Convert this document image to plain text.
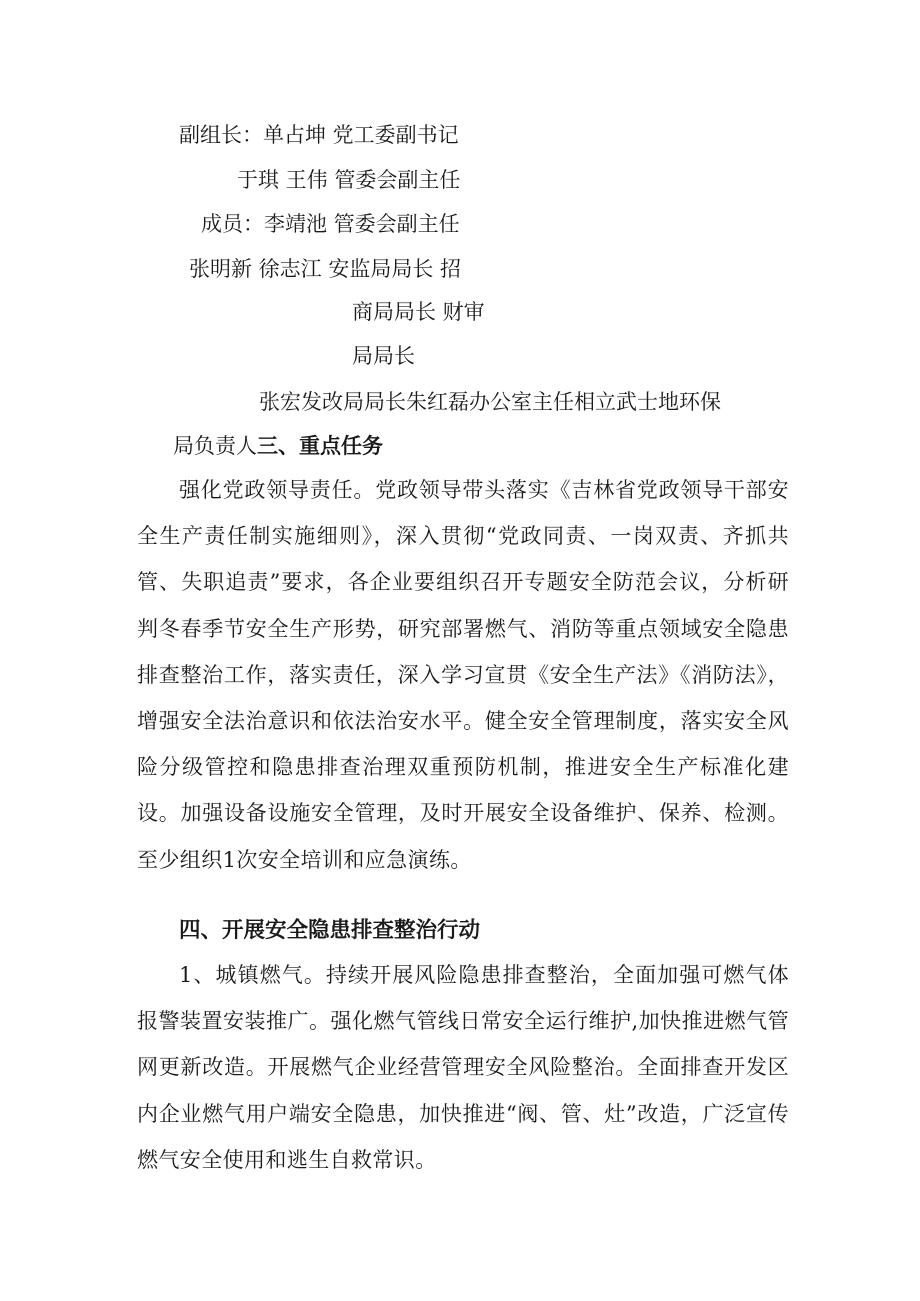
副组长：单占坤 党工委副书记
于琪 王伟 管委会副主任
成员：李靖池 管委会副主任
张明新 徐志江 安监局局长 招
商局局长 财审
局局长
张宏发改局局长朱红磊办公室主任相立武士地环保
局负责人三、重点任务

强化党政领导责任。党政领导带头落实《吉林省党政领导干部安全生产责任制实施细则》，深入贯彻“党政同责、一岗双责、齐抓共管、失职追责”要求，各企业要组织召开专题安全防范会议，分析研判冬春季节安全生产形势，研究部署燃气、消防等重点领域安全隐患排查整治工作，落实责任，深入学习宣贯《安全生产法》《消防法》，增强安全法治意识和依法治安水平。健全安全管理制度，落实安全风险分级管控和隐患排查治理双重预防机制，推进安全生产标准化建设。加强设备设施安全管理，及时开展安全设备维护、保养、检测。至少组织1次安全培训和应急演练。

四、开展安全隐患排查整治行动

1、城镇燃气。持续开展风险隐患排查整治，全面加强可燃气体报警装置安装推广。强化燃气管线日常安全运行维护,加快推进燃气管网更新改造。开展燃气企业经营管理安全风险整治。全面排查开发区内企业燃气用户端安全隐患，加快推进“阀、管、灶”改造，广泛宣传燃气安全使用和逃生自救常识。
